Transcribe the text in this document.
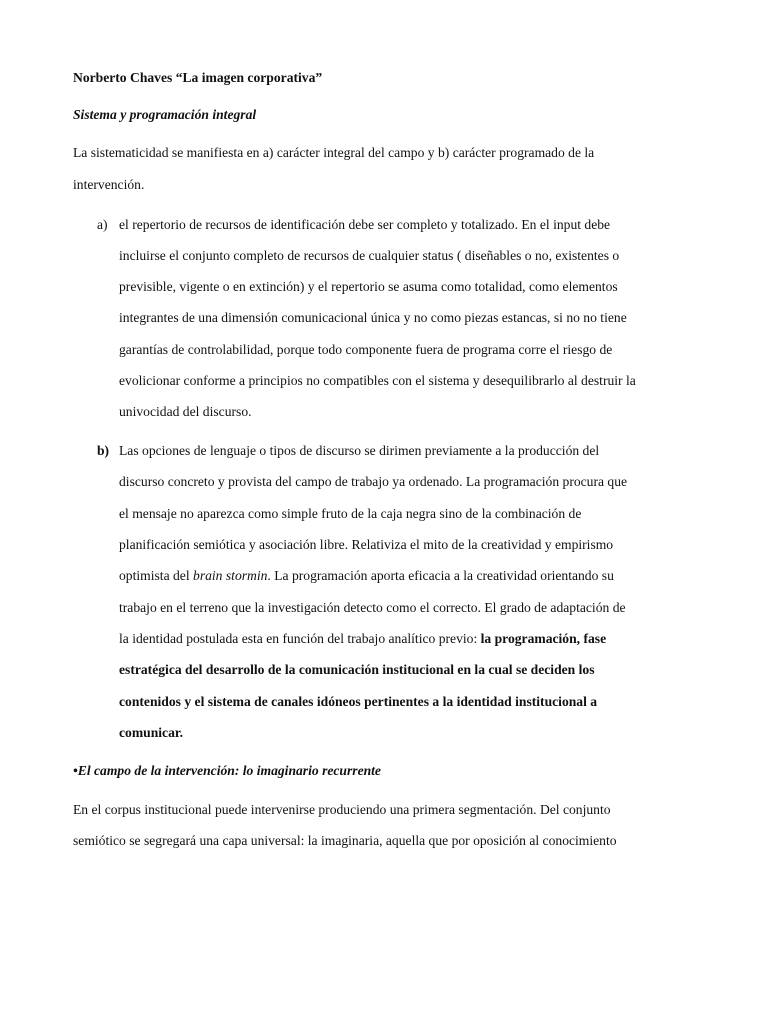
Norberto Chaves “La imagen corporativa”
Sistema y programación integral
La sistematicidad se manifiesta en a) carácter integral del campo y b) carácter programado de la
intervención.
a) el repertorio de recursos de identificación debe ser completo y totalizado. En el input debe
incluirse el conjunto completo de recursos de cualquier status ( diseñables o no, existentes o
previsible, vigente o en extinción) y el repertorio se asuma como totalidad, como elementos
integrantes de una dimensión comunicacional única y no como piezas estancas, si no no tiene
garantías de controlabilidad, porque todo componente fuera de programa corre el riesgo de
evolicionar conforme a principios no compatibles con el sistema y desequilibrarlo al destruir la
univocidad del discurso.
b) Las opciones de lenguaje o tipos de discurso se dirimen previamente a la producción del
discurso concreto y provista del campo de trabajo ya ordenado. La programación procura que
el mensaje no aparezca como simple fruto de la caja negra sino de la combinación de
planificación semiótica y asociación libre. Relativiza el mito de la creatividad y empirismo
optimista del brain stormin. La programación aporta eficacia a la creatividad orientando su
trabajo en el terreno que la investigación detecto como el correcto. El grado de adaptación de
la identidad postulada esta en función del trabajo analítico previo: la programación, fase
estratégica del desarrollo de la comunicación institucional en la cual se deciden los
contenidos y el sistema de canales idóneos pertinentes a la identidad institucional a
comunicar.
•El campo de la intervención: lo imaginario recurrente
En el corpus institucional puede intervenirse produciendo una primera segmentación. Del conjunto
semiótico se segregará una capa universal: la imaginaria, aquella que por oposición al conocimiento
